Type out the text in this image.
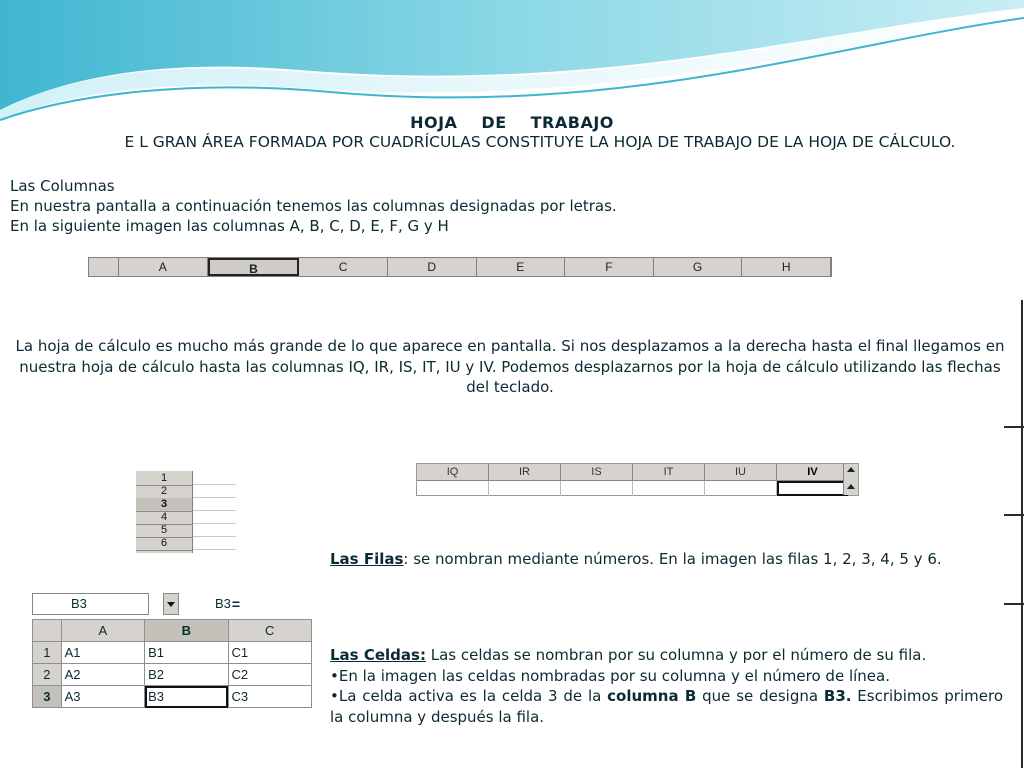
HOJA DE TRABAJO
E L GRAN ÁREA FORMADA POR CUADRÍCULAS CONSTITUYE LA HOJA DE TRABAJO DE LA HOJA DE CÁLCULO.
Las Columnas
En nuestra pantalla a continuación tenemos las columnas designadas por letras.
En la siguiente imagen las columnas A, B, C, D, E, F, G y H
A	B	C	D	E	F	G	H
La hoja de cálculo es mucho más grande de lo que aparece en pantalla. Si nos desplazamos a la derecha hasta el final llegamos en nuestra hoja de cálculo hasta las columnas IQ, IR, IS, IT, IU y IV. Podemos desplazarnos por la hoja de cálculo utilizando las flechas del teclado.
1
2
3
4
5
6
IQ	IR	IS	IT	IU	IV
Las Filas: se nombran mediante números. En la imagen las filas 1, 2, 3, 4, 5 y 6.
B3	=
B3
	A	B	C
1	A1	B1	C1
2	A2	B2	C2
3	A3	B3	C3
Las Celdas: Las celdas se nombran por su columna y por el número de su fila.
•En la imagen las celdas nombradas por su columna y el número de línea.
•La celda activa es la celda 3 de la columna B que se designa B3. Escribimos primero la columna y después la fila.
